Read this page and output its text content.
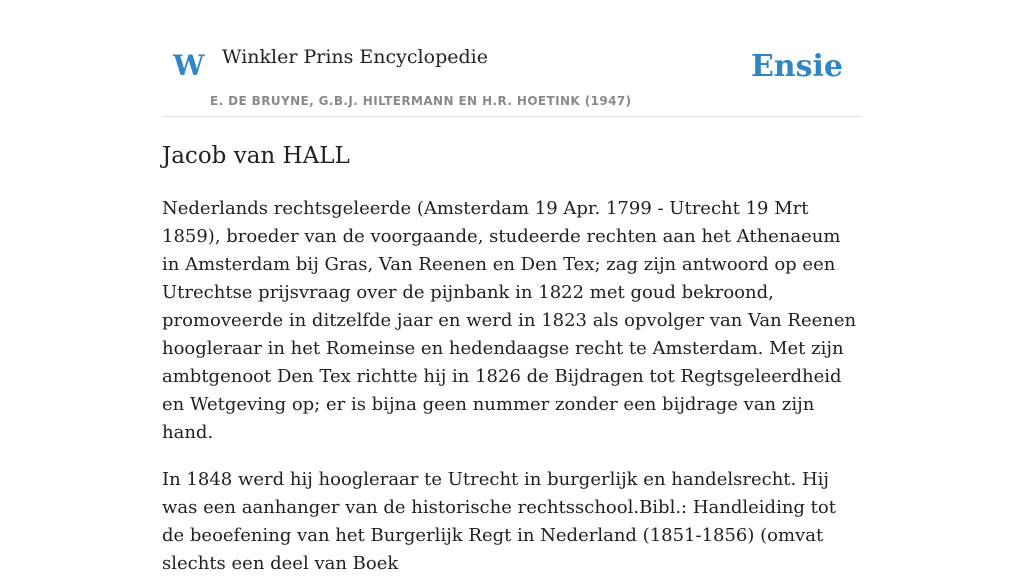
W Winkler Prins Encyclopedie
E. DE BRUYNE, G.B.J. HILTERMANN EN H.R. HOETINK (1947)
Ensie
Jacob van HALL

Nederlands rechtsgeleerde (Amsterdam 19 Apr. 1799 - Utrecht 19 Mrt 1859), broeder van de voorgaande, studeerde rechten aan het Athenaeum in Amsterdam bij Gras, Van Reenen en Den Tex; zag zijn antwoord op een Utrechtse prijsvraag over de pijnbank in 1822 met goud bekroond, promoveerde in ditzelfde jaar en werd in 1823 als opvolger van Van Reenen hoogleraar in het Romeinse en hedendaagse recht te Amsterdam. Met zijn ambtgenoot Den Tex richtte hij in 1826 de Bijdragen tot Regtsgeleerdheid en Wetgeving op; er is bijna geen nummer zonder een bijdrage van zijn hand.

In 1848 werd hij hoogleraar te Utrecht in burgerlijk en handelsrecht. Hij was een aanhanger van de historische rechtsschool.Bibl.: Handleiding tot de beoefening van het Burgerlijk Regt in Nederland (1851-1856) (omvat slechts een deel van Boek
